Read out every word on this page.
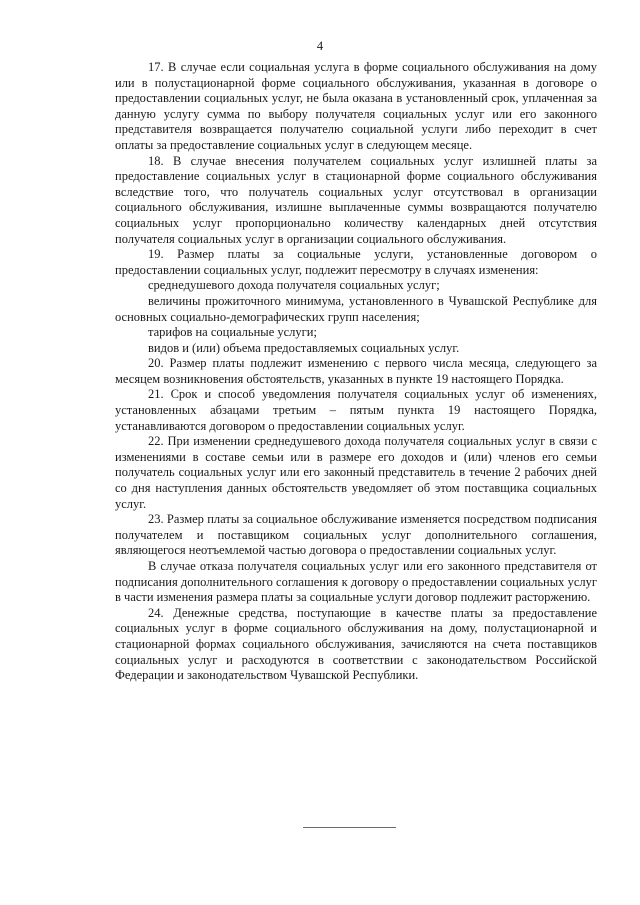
4

17. В случае если социальная услуга в форме социального обслуживания на дому или в полустационарной форме социального обслуживания, указанная в договоре о предоставлении социальных услуг, не была оказана в установленный срок, уплаченная за данную услугу сумма по выбору получателя социальных услуг или его законного представителя возвращается получателю социальной услуги либо переходит в счет оплаты за предоставление социальных услуг в следующем месяце.

18. В случае внесения получателем социальных услуг излишней платы за предоставление социальных услуг в стационарной форме социального обслуживания вследствие того, что получатель социальных услуг отсутствовал в организации социального обслуживания, излишне выплаченные суммы возвращаются получателю социальных услуг пропорционально количеству календарных дней отсутствия получателя социальных услуг в организации социального обслуживания.

19. Размер платы за социальные услуги, установленные договором о предоставлении социальных услуг, подлежит пересмотру в случаях изменения:

среднедушевого дохода получателя социальных услуг;

величины прожиточного минимума, установленного в Чувашской Республике для основных социально-демографических групп населения;

тарифов на социальные услуги;

видов и (или) объема предоставляемых социальных услуг.

20. Размер платы подлежит изменению с первого числа месяца, следующего за месяцем возникновения обстоятельств, указанных в пункте 19 настоящего Порядка.

21. Срок и способ уведомления получателя социальных услуг об изменениях, установленных абзацами третьим – пятым пункта 19 настоящего Порядка, устанавливаются договором о предоставлении социальных услуг.

22. При изменении среднедушевого дохода получателя социальных услуг в связи с изменениями в составе семьи или в размере его доходов и (или) членов его семьи получатель социальных услуг или его законный представитель в течение 2 рабочих дней со дня наступления данных обстоятельств уведомляет об этом поставщика социальных услуг.

23. Размер платы за социальное обслуживание изменяется посредством подписания получателем и поставщиком социальных услуг дополнительного соглашения, являющегося неотъемлемой частью договора о предоставлении социальных услуг.

В случае отказа получателя социальных услуг или его законного представителя от подписания дополнительного соглашения к договору о предоставлении социальных услуг в части изменения размера платы за социальные услуги договор подлежит расторжению.

24. Денежные средства, поступающие в качестве платы за предоставление социальных услуг в форме социального обслуживания на дому, полустационарной и стационарной формах социального обслуживания, зачисляются на счета поставщиков социальных услуг и расходуются в соответствии с законодательством Российской Федерации и законодательством Чувашской Республики.
